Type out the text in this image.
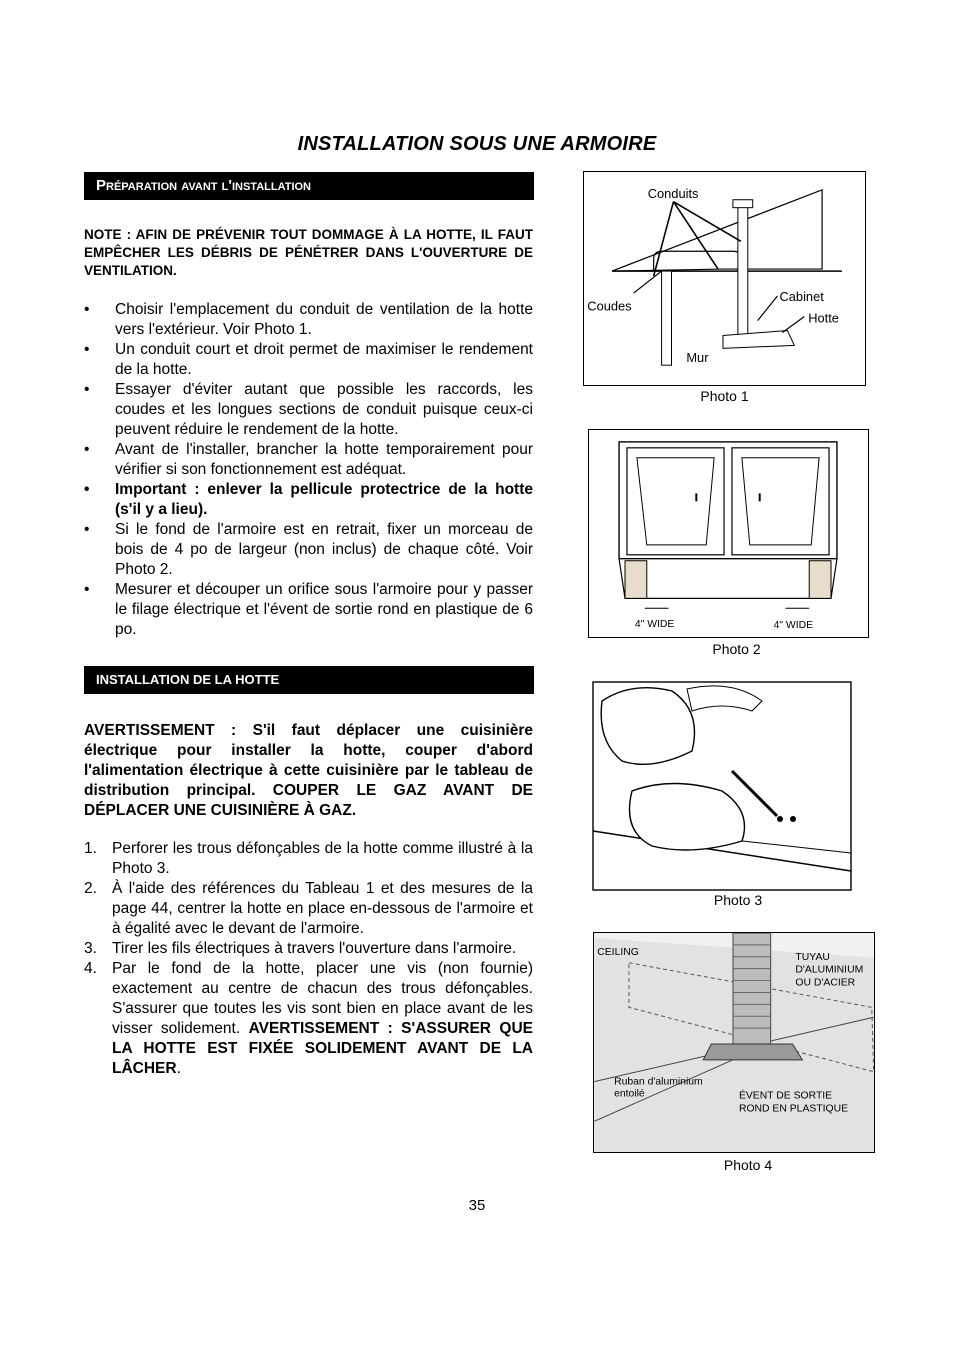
INSTALLATION SOUS UNE ARMOIRE
Préparation avant l'installation
NOTE : AFIN DE PRÉVENIR TOUT DOMMAGE À LA HOTTE, IL FAUT EMPÊCHER LES DÉBRIS DE PÉNÉTRER DANS L'OUVERTURE DE VENTILATION.
• Choisir l'emplacement du conduit de ventilation de la hotte vers l'extérieur. Voir Photo 1.
• Un conduit court et droit permet de maximiser le rendement de la hotte.
• Essayer d'éviter autant que possible les raccords, les coudes et les longues sections de conduit puisque ceux-ci peuvent réduire le rendement de la hotte.
• Avant de l'installer, brancher la hotte temporairement pour vérifier si son fonctionnement est adéquat.
• Important : enlever la pellicule protectrice de la hotte (s'il y a lieu).
• Si le fond de l'armoire est en retrait, fixer un morceau de bois de 4 po de largeur (non inclus) de chaque côté. Voir Photo 2.
• Mesurer et découper un orifice sous l'armoire pour y passer le filage électrique et l'évent de sortie rond en plastique de 6 po.
INSTALLATION DE LA HOTTE
AVERTISSEMENT : S'il faut déplacer une cuisinière électrique pour installer la hotte, couper d'abord l'alimentation électrique à cette cuisinière par le tableau de distribution principal. COUPER LE GAZ AVANT DE DÉPLACER UNE CUISINIÈRE À GAZ.
1. Perforer les trous défonçables de la hotte comme illustré à la Photo 3.
2. À l'aide des références du Tableau 1 et des mesures de la page 44, centrer la hotte en place en-dessous de l'armoire et à égalité avec le devant de l'armoire.
3. Tirer les fils électriques à travers l'ouverture dans l'armoire.
4. Par le fond de la hotte, placer une vis (non fournie) exactement au centre de chacun des trous défonçables. S'assurer que toutes les vis sont bien en place avant de les visser solidement. AVERTISSEMENT : S'ASSURER QUE LA HOTTE EST FIXÉE SOLIDEMENT AVANT DE LA LÂCHER.
Conduits
Coudes
Cabinet
Hotte
Mur
Photo 1
4" WIDE	4" WIDE
Photo 2
Photo 3
CEILING	TUYAU
D'ALUMINIUM
OU D'ACIER
Ruban d'aluminium
entoilé	ÉVENT DE SORTIE
ROND EN PLASTIQUE
Photo 4
35
